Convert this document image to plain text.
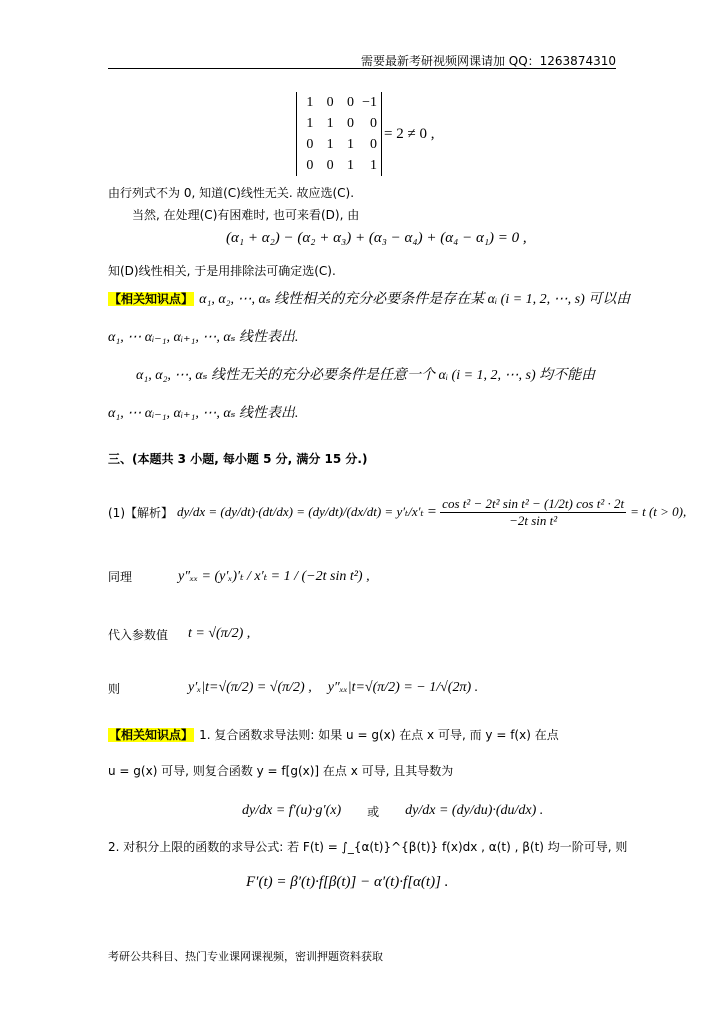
需要最新考研视频网课请加 QQ：1263874310
1	0	0	−1
1	1	0	0
0	1	1	0
0	0	1	1
= 2 ≠ 0 ,
由行列式不为 0, 知道(C)线性无关. 故应选(C).
当然, 在处理(C)有困难时, 也可来看(D), 由
(α₁ + α₂) − (α₂ + α₃) + (α₃ − α₄) + (α₄ − α₁) = 0 ,
知(D)线性相关, 于是用排除法可确定选(C).
【相关知识点】 α₁, α₂, ⋯, αₛ 线性相关的充分必要条件是存在某 αᵢ (i = 1, 2, ⋯, s) 可以由
α₁, ⋯ αᵢ₋₁, αᵢ₊₁, ⋯, αₛ 线性表出.
α₁, α₂, ⋯, αₛ 线性无关的充分必要条件是任意一个 αᵢ (i = 1, 2, ⋯, s) 均不能由
α₁, ⋯ αᵢ₋₁, αᵢ₊₁, ⋯, αₛ 线性表出.
三、(本题共 3 小题, 每小题 5 分, 满分 15 分.)
(1)【解析】 $dy/dx = (dy/dt)\cdot(dt/dx) = (dy/dt)/(dx/dt) = y'_t/x'_t = \frac{\text{cos t² − 2t² sin t² − (1/2t) cos t² · 2t}}{\text{−2t sin t²}} = t$ (t > 0),
同理	y″ₓₓ = (y′ₓ)′ₜ / x′ₜ = 1 / (−2t sin t²) ,
代入参数值	t = √(π/2) ,
则	y′ₓ|t=√(π/2) = √(π/2) , y″ₓₓ|t=√(π/2) = − 1/√(2π) .
【相关知识点】 1. 复合函数求导法则: 如果 u = g(x) 在点 x 可导, 而 y = f(x) 在点
u = g(x) 可导, 则复合函数 y = f[g(x)] 在点 x 可导, 且其导数为
dy/dx = f′(u)·g′(x) 或 dy/dx = (dy/du)·(du/dx) .
2. 对积分上限的函数的求导公式: 若 F(t) = ∫_{α(t)}^{β(t)} f(x)dx , α(t) , β(t) 均一阶可导, 则
F′(t) = β′(t)·f[β(t)] − α′(t)·f[α(t)] .
考研公共科目、热门专业课网课视频，密训押题资料获取
